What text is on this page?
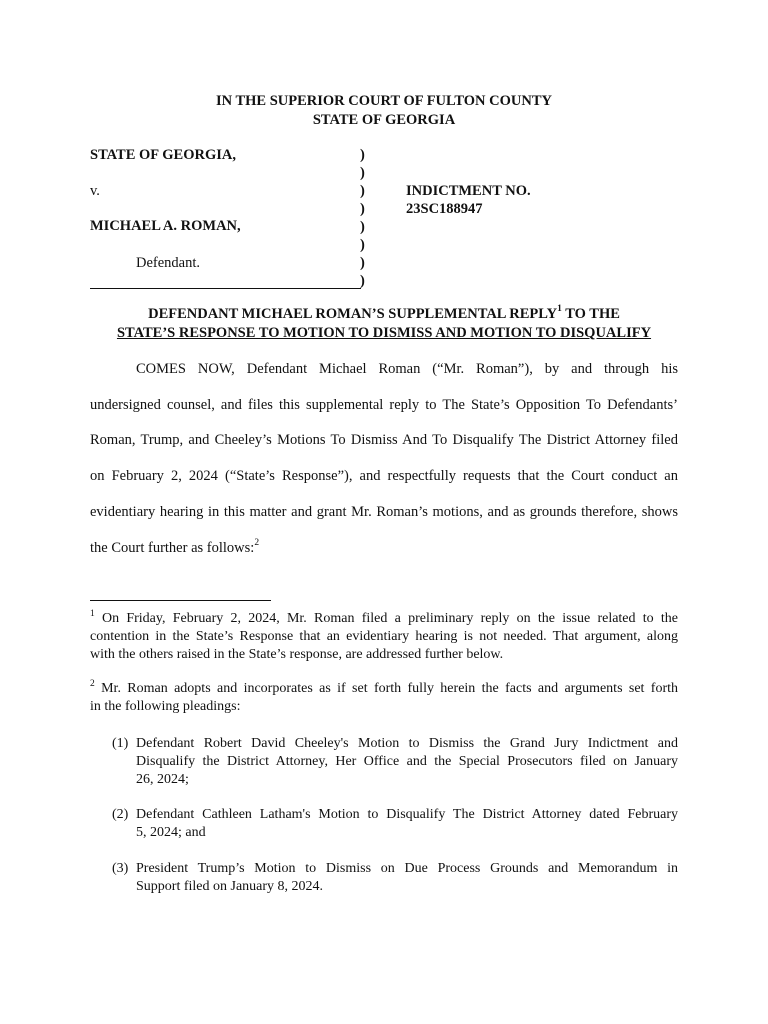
IN THE SUPERIOR COURT OF FULTON COUNTY
STATE OF GEORGIA
STATE OF GEORGIA,
v.
MICHAEL A. ROMAN,
Defendant.
)
)
)
)
)
)
)
)
INDICTMENT NO.
23SC188947
DEFENDANT MICHAEL ROMAN’S SUPPLEMENTAL REPLY$^1$ TO THE
STATE’S RESPONSE TO MOTION TO DISMISS AND MOTION TO DISQUALIFY
COMES NOW, Defendant Michael Roman (“Mr. Roman”), by and through his
undersigned counsel, and files this supplemental reply to The State’s Opposition To Defendants’
Roman, Trump, and Cheeley’s Motions To Dismiss And To Disqualify The District Attorney filed
on February 2, 2024 (“State’s Response”), and respectfully requests that the Court conduct an
evidentiary hearing in this matter and grant Mr. Roman’s motions, and as grounds therefore, shows
the Court further as follows:$^2$
$^1$ On Friday, February 2, 2024, Mr. Roman filed a preliminary reply on the issue related to the
contention in the State’s Response that an evidentiary hearing is not needed. That argument, along
with the others raised in the State’s response, are addressed further below.
$^2$ Mr. Roman adopts and incorporates as if set forth fully herein the facts and arguments set forth
in the following pleadings:
(1) Defendant Robert David Cheeley's Motion to Dismiss the Grand Jury Indictment and
Disqualify the District Attorney, Her Office and the Special Prosecutors filed on January
26, 2024;
(2) Defendant Cathleen Latham's Motion to Disqualify The District Attorney dated February
5, 2024; and
(3) President Trump’s Motion to Dismiss on Due Process Grounds and Memorandum in
Support filed on January 8, 2024.
